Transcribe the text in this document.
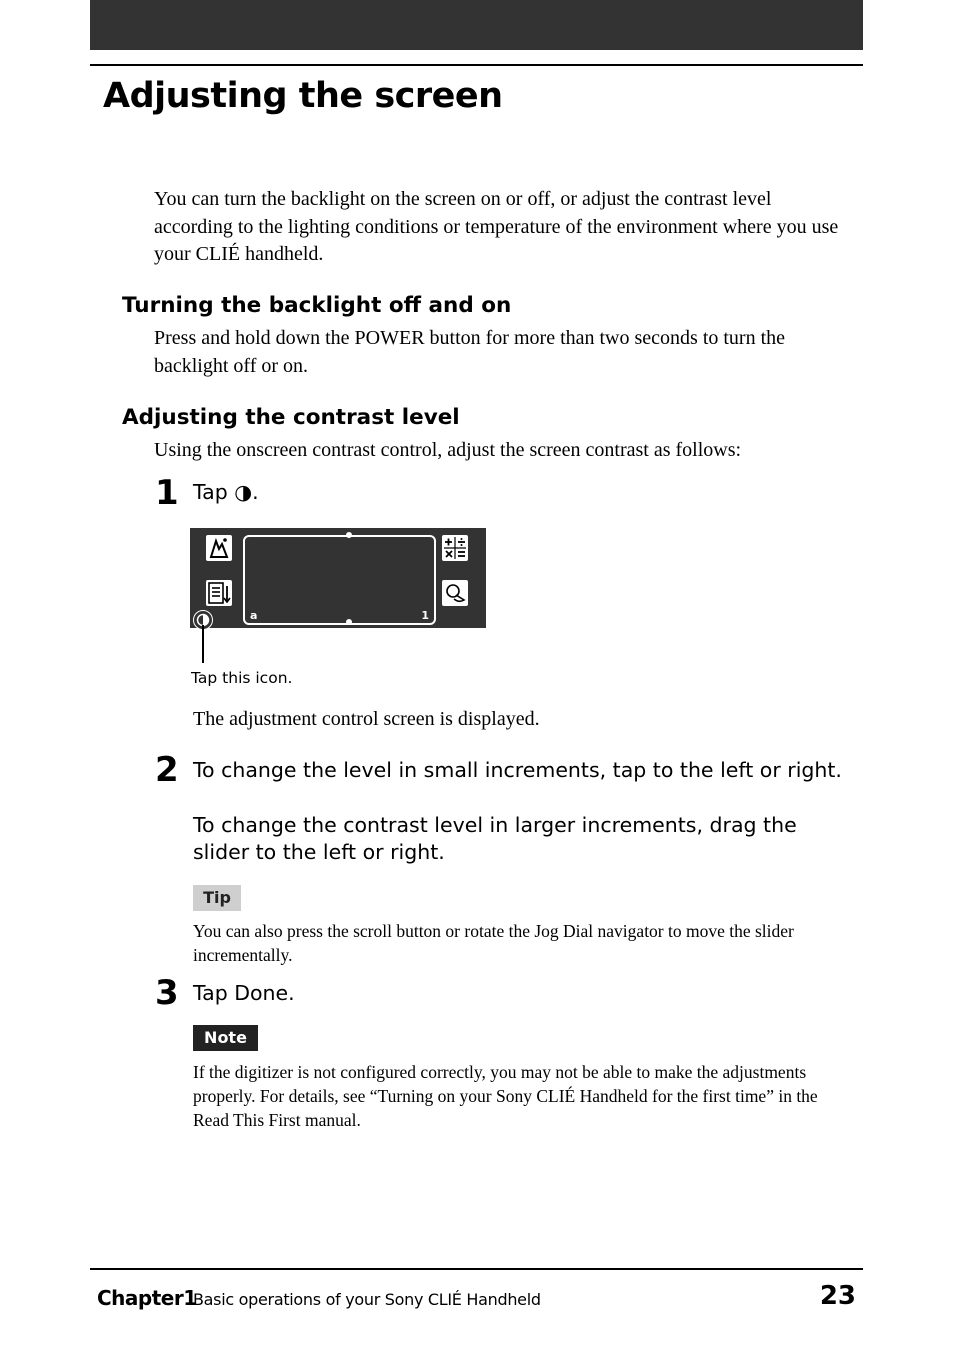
Adjusting the screen

You can turn the backlight on the screen on or off, or adjust the contrast level according to the lighting conditions or temperature of the environment where you use your CLIÉ handheld.

Turning the backlight off and on

Press and hold down the POWER button for more than two seconds to turn the backlight off or on.

Adjusting the contrast level

Using the onscreen contrast control, adjust the screen contrast as follows:

1 Tap ◑.

a	1
Tap this icon.

The adjustment control screen is displayed.

2 To change the level in small increments, tap to the left or right.

To change the contrast level in larger increments, drag the slider to the left or right.

Tip

You can also press the scroll button or rotate the Jog Dial navigator to move the slider incrementally.

3 Tap Done.

Note

If the digitizer is not configured correctly, you may not be able to make the adjustments properly. For details, see “Turning on your Sony CLIÉ Handheld for the first time” in the Read This First manual.

Chapter1
Basic operations of your Sony CLIÉ Handheld	23
